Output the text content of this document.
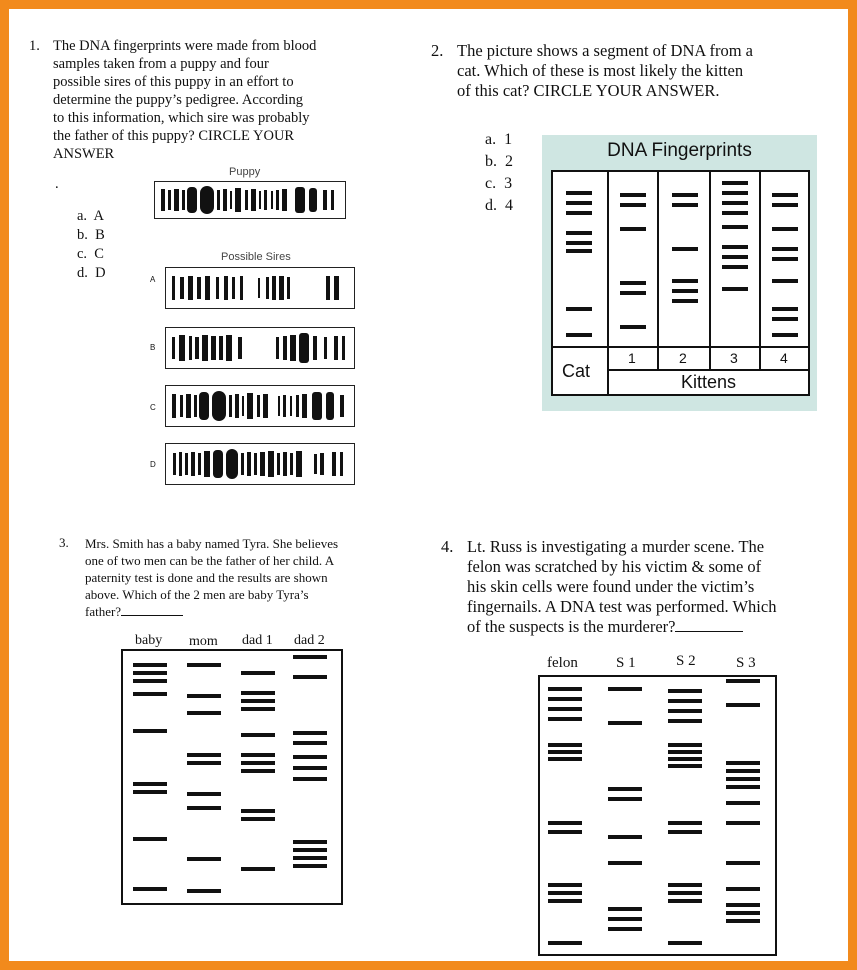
1. The DNA fingerprints were made from blood
samples taken from a puppy and four
possible sires of this puppy in an effort to
determine the puppy’s pedigree. According
to this information, which sire was probably
the father of this puppy? CIRCLE YOUR
ANSWER
.
a.  A
b.  B
c.  C
d.  D
Puppy
Possible Sires
A
B
C
D
2. The picture shows a segment of DNA from a
cat. Which of these is most likely the kitten
of this cat? CIRCLE YOUR ANSWER.
a.  1
b.  2
c.  3
d.  4
DNA Fingerprints
Cat
1	2	3	4
Kittens
3. Mrs. Smith has a baby named Tyra. She believes
one of two men can be the father of her child. A
paternity test is done and the results are shown
above. Which of the 2 men are baby Tyra’s
father?
baby mom dad 1 dad 2
4. Lt. Russ is investigating a murder scene. The
felon was scratched by his victim & some of
his skin cells were found under the victim’s
fingernails. A DNA test was performed. Which
of the suspects is the murderer?
felon	S 1	S 2	S 3
